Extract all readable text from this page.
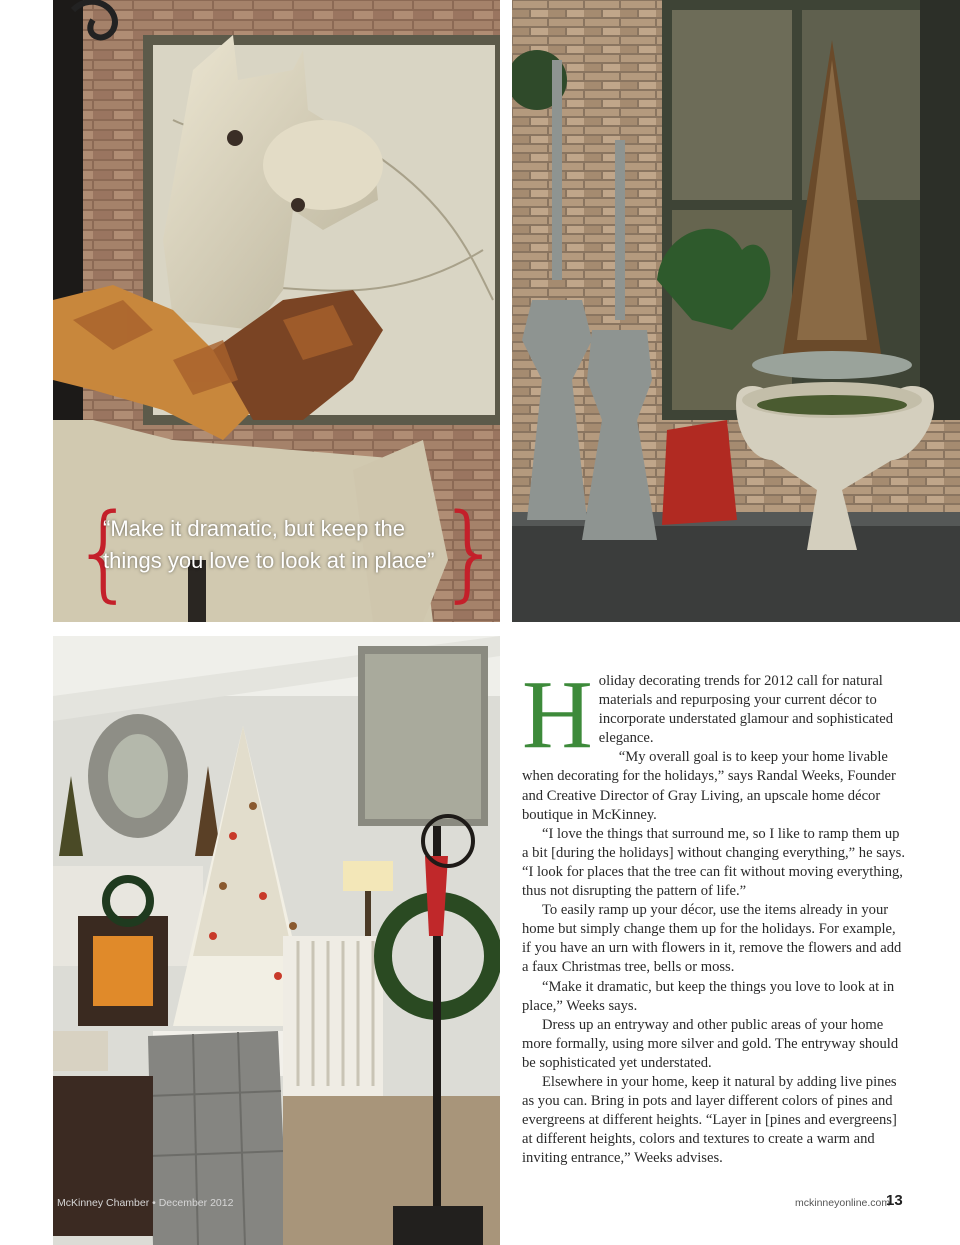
{
“Make it dramatic, but keep the things you love to look at in place” }
McKinney Chamber • December 2012
H oliday decorating trends for 2012 call for natural materials and repurposing your current décor to incorporate understated glamour and sophisticated elegance.

“My overall goal is to keep your home livable when decorating for the holidays,” says Randal Weeks, Founder and Creative Director of Gray Living, an upscale home décor boutique in McKinney.

“I love the things that surround me, so I like to ramp them up a bit [during the holidays] without changing everything,” he says. “I look for places that the tree can fit without moving everything, thus not disrupting the pattern of life.”

To easily ramp up your décor, use the items already in your home but simply change them up for the holidays. For example, if you have an urn with flowers in it, remove the flowers and add a faux Christmas tree, bells or moss.

“Make it dramatic, but keep the things you love to look at in place,” Weeks says.

Dress up an entryway and other public areas of your home more formally, using more silver and gold. The entryway should be sophisticated yet understated.

Elsewhere in your home, keep it natural by adding live pines as you can. Bring in pots and layer different colors of pines and evergreens at different heights. “Layer in [pines and evergreens] at different heights, colors and textures to create a warm and inviting entrance,” Weeks advises.

mckinneyonline.com
13
